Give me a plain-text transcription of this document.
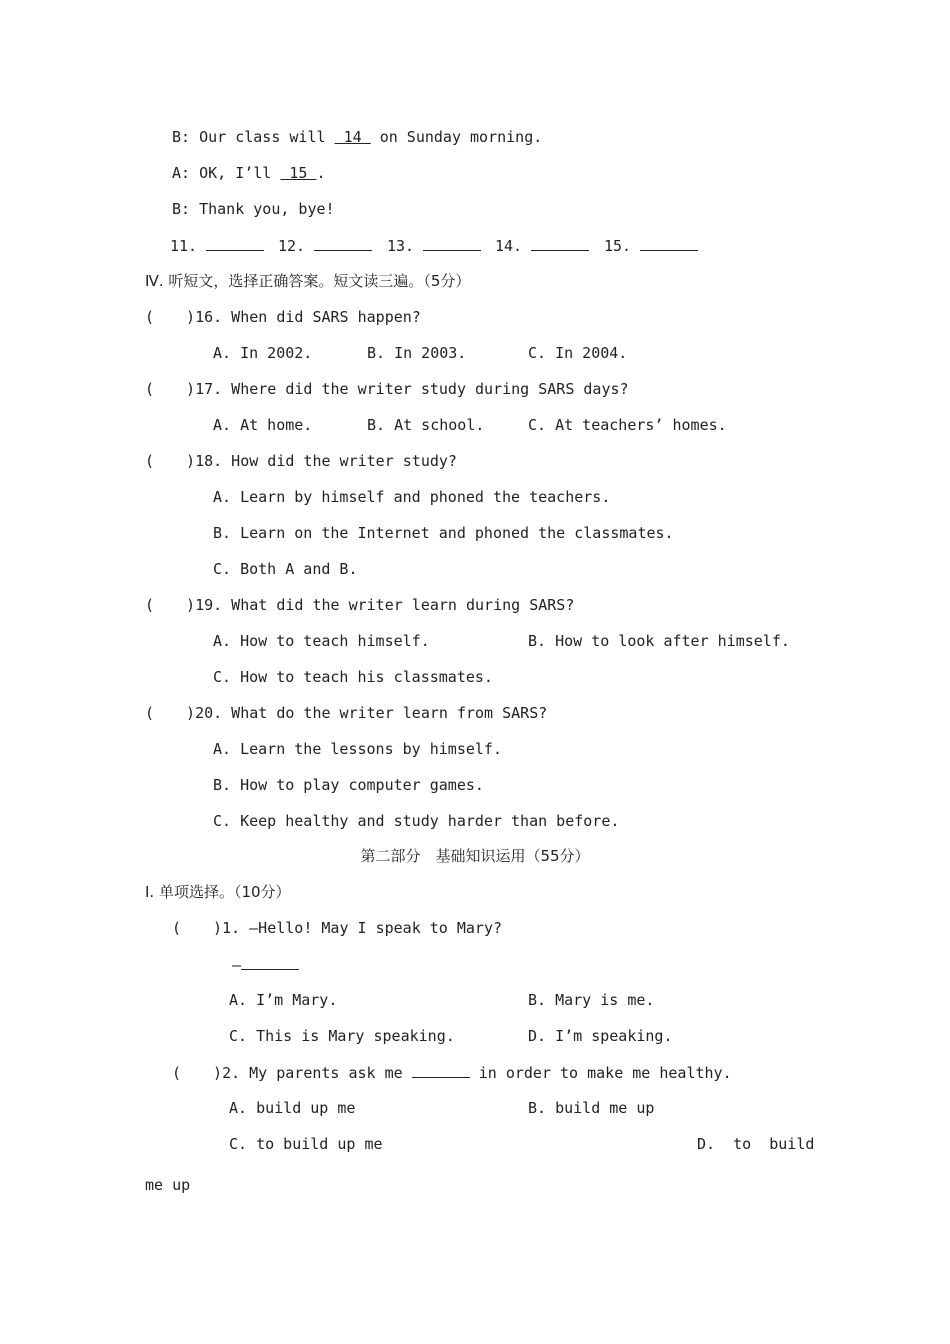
B: Our class will  14  on Sunday morning.
A: OK, I’ll  15 .
B: Thank you, bye!
11.	12.	13.	14.	15.
Ⅳ. 听短文，选择正确答案。短文读三遍。（5分）
( )16. When did SARS happen?
A. In 2002.	B. In 2003.	C. In 2004.
( )17. Where did the writer study during SARS days?
A. At home.	B. At school.	C. At teachers’ homes.
( )18. How did the writer study?
A. Learn by himself and phoned the teachers.
B. Learn on the Internet and phoned the classmates.
C. Both A and B.
( )19. What did the writer learn during SARS?
A. How to teach himself.	B. How to look after himself.
C. How to teach his classmates.
( )20. What do the writer learn from SARS?
A. Learn the lessons by himself.
B. How to play computer games.
C. Keep healthy and study harder than before.
第二部分　基础知识运用（55分）
Ⅰ. 单项选择。（10分）
( )1. —Hello! May I speak to Mary?
—
A. I’m Mary.	B. Mary is me.
C. This is Mary speaking.	D. I’m speaking.
( )2. My parents ask me	in order to make me healthy.
A. build up me	B. build me up
C. to build up me	D.  to  build
me up
